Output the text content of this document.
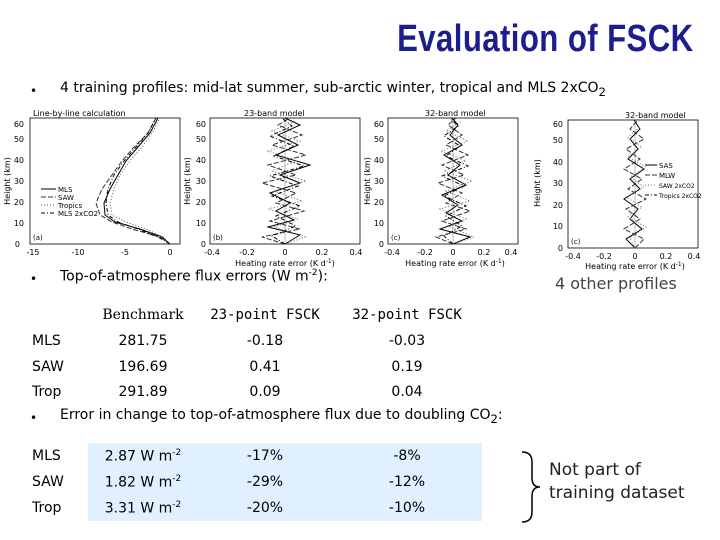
Evaluation of FSCK
• 4 training profiles: mid-lat summer, sub-arctic winter, tropical and MLS 2xCO$_2$
Line-by-line calculation
(a)
Height (km)
0
10
20
30
40
50
60
-15	-10	-5	0
MLS
SAW
Tropics
MLS 2xCO2
23-band model
(b)
Height (km)
0
10
20
30
40
50
60
-0.4 -0.2	0	0.2	0.4
Heating rate error (K $d^{-1}$)
32-band model
(c)
Height (km)
0
10
20
30
40
50
60
-0.4 -0.2 0	0.2 0.4
Heating rate error (K $d^{-1}$)
32-band model
(c)
Height (km)
0
10
20
30
40
50
60
-0.4 -0.2	0	0.2 0.4
Heating rate error (K $d^{-1}$)
SAS
MLW
SAW 2xCO2
Tropics 2xCO2
• Top-of-atmosphere flux errors (W $m^{-2}$):	4 other profiles
	Benchmark	23-point FSCK	32-point FSCK
MLS	281.75	-0.18	-0.03
SAW	196.69	0.41	0.19
Trop	291.89	0.09	0.04
• Error in change to top-of-atmosphere flux due to doubling $CO_2$:
MLS	2.87 W $m^{-2}$	-17%	-8%
SAW	1.82 W $m^{-2}$	-29%	-12%
Trop	3.31 W $m^{-2}$	-20%	-10%
Not part of
training dataset
